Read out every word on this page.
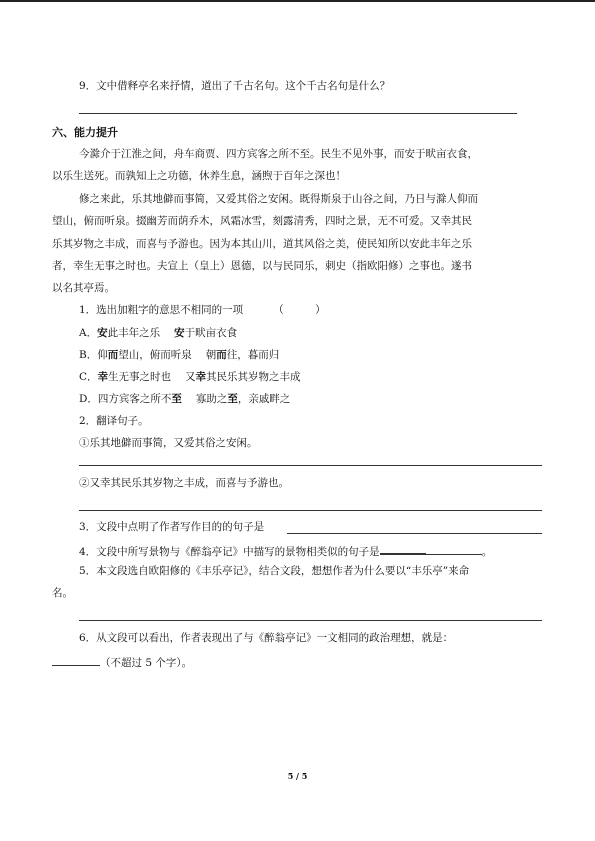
9．文中借释亭名来抒情，道出了千古名句。这个千古名句是什么？
六、能力提升
今滁介于江淮之间，舟车商贾、四方宾客之所不至。民生不见外事，而安于畎亩衣食，
以乐生送死。而孰知上之功德，休养生息，涵煦于百年之深也！
修之来此，乐其地僻而事简，又爱其俗之安闲。既得斯泉于山谷之间，乃日与滁人仰而
望山，俯而听泉。掇幽芳而荫乔木，风霜冰雪，刻露清秀，四时之景，无不可爱。又幸其民
乐其岁物之丰成，而喜与予游也。因为本其山川，道其风俗之美，使民知所以安此丰年之乐
者，幸生无事之时也。夫宣上（皇上）恩德，以与民同乐，刺史（指欧阳修）之事也。遂书
以名其亭焉。
1．选出加粗字的意思不相同的一项	（　　　）
A．安此丰年之乐 安于畎亩衣食
B．仰而望山，俯而听泉 朝而往，暮而归
C．幸生无事之时也 又幸其民乐其岁物之丰成
D．四方宾客之所不至 寡助之至，亲戚畔之
2．翻译句子。
①乐其地僻而事简，又爱其俗之安闲。
②又幸其民乐其岁物之丰成，而喜与予游也。
3．文段中点明了作者写作目的的句子是
4．文段中所写景物与《醉翁亭记》中描写的景物相类似的句子是	。
5．本文段选自欧阳修的《丰乐亭记》，结合文段，想想作者为什么要以“丰乐亭”来命
名。
6．从文段可以看出，作者表现出了与《醉翁亭记》一文相同的政治理想，就是：
（不超过 5 个字）。
5 / 5
